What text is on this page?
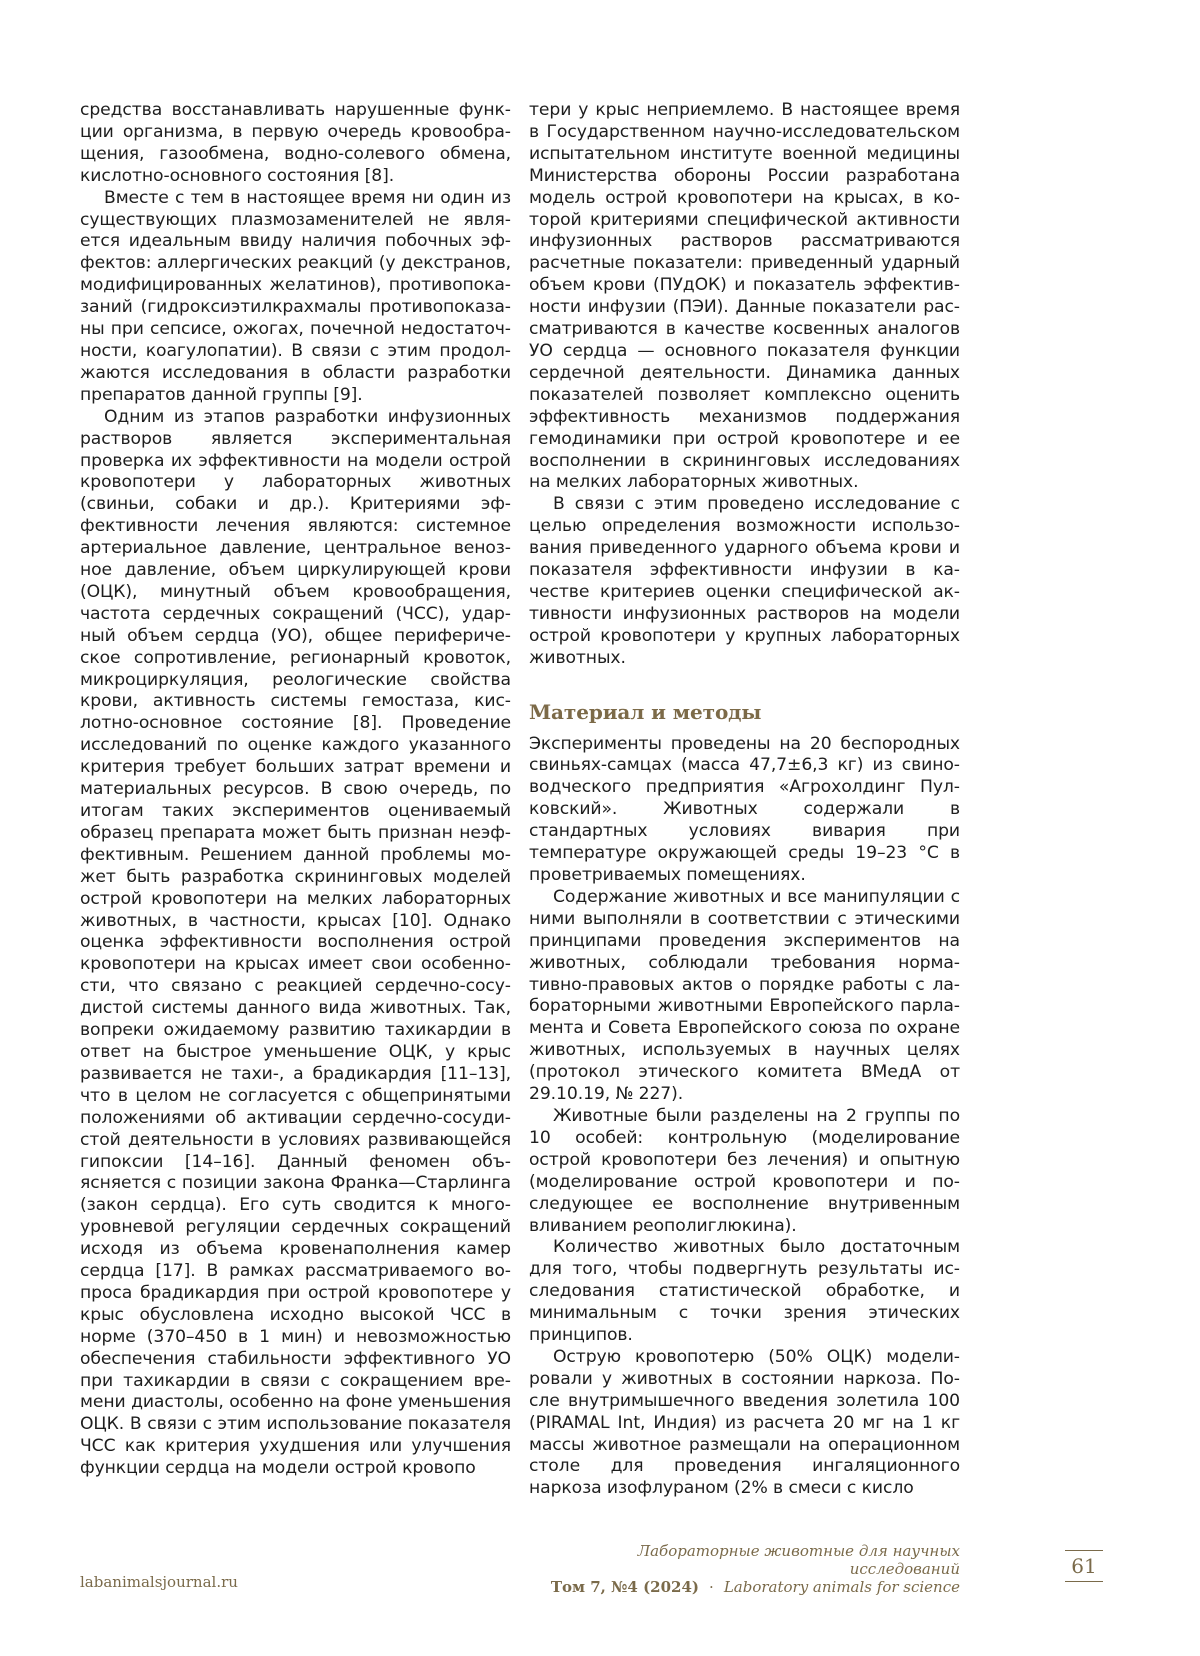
средства восстанавливать нарушенные функции организма, в первую очередь кровообращения, газообмена, водно-солевого обмена, кислотно-основного состояния [8].

Вместе с тем в настоящее время ни один из существующих плазмозаменителей не является идеальным ввиду наличия побочных эффектов: аллергических реакций (у декстранов, модифицированных желатинов), противопоказаний (гидроксиэтилкрахмалы противопоказаны при сепсисе, ожогах, почечной недостаточности, коагулопатии). В связи с этим продолжаются исследования в области разработки препаратов данной группы [9].

Одним из этапов разработки инфузионных растворов является экспериментальная проверка их эффективности на модели острой кровопотери у лабораторных животных (свиньи, собаки и др.). Критериями эффективности лечения являются: системное артериальное давление, центральное венозное давление, объем циркулирующей крови (ОЦК), минутный объем кровообращения, частота сердечных сокращений (ЧСС), ударный объем сердца (УО), общее периферическое сопротивление, регионарный кровоток, микроциркуляция, реологические свойства крови, активность системы гемостаза, кислотно-основное состояние [8]. Проведение исследований по оценке каждого указанного критерия требует больших затрат времени и материальных ресурсов. В свою очередь, по итогам таких экспериментов оцениваемый образец препарата может быть признан неэффективным. Решением данной проблемы может быть разработка скрининговых моделей острой кровопотери на мелких лабораторных животных, в частности, крысах [10]. Однако оценка эффективности восполнения острой кровопотери на крысах имеет свои особенности, что связано с реакцией сердечно-сосудистой системы данного вида животных. Так, вопреки ожидаемому развитию тахикардии в ответ на быстрое уменьшение ОЦК, у крыс развивается не тахи-, а брадикардия [11–13], что в целом не согласуется с общепринятыми положениями об активации сердечно-сосудистой деятельности в условиях развивающейся гипоксии [14–16]. Данный феномен объясняется с позиции закона Франка—Старлинга (закон сердца). Его суть сводится к многоуровневой регуляции сердечных сокращений исходя из объема кровенаполнения камер сердца [17]. В рамках рассматриваемого вопроса брадикардия при острой кровопотере у крыс обусловлена исходно высокой ЧСС в норме (370–450 в 1 мин) и невозможностью обеспечения стабильности эффективного УО при тахикардии в связи с сокращением времени диастолы, особенно на фоне уменьшения ОЦК. В связи с этим использование показателя ЧСС как критерия ухудшения или улучшения функции сердца на модели острой кровопо

тери у крыс неприемлемо. В настоящее время в Государственном научно-исследовательском испытательном институте военной медицины Министерства обороны России разработана модель острой кровопотери на крысах, в которой критериями специфической активности инфузионных растворов рассматриваются расчетные показатели: приведенный ударный объем крови (ПУдОК) и показатель эффективности инфузии (ПЭИ). Данные показатели рассматриваются в качестве косвенных аналогов УО сердца — основного показателя функции сердечной деятельности. Динамика данных показателей позволяет комплексно оценить эффективность механизмов поддержания гемодинамики при острой кровопотере и ее восполнении в скрининговых исследованиях на мелких лабораторных животных.

В связи с этим проведено исследование с целью определения возможности использования приведенного ударного объема крови и показателя эффективности инфузии в качестве критериев оценки специфической активности инфузионных растворов на модели острой кровопотери у крупных лабораторных животных.

Материал и методы

Эксперименты проведены на 20 беспородных свиньях-самцах (масса 47,7±6,3 кг) из свиноводческого предприятия «Агрохолдинг Пулковский». Животных содержали в стандартных условиях вивария при температуре окружающей среды 19–23 °С в проветриваемых помещениях.

Содержание животных и все манипуляции с ними выполняли в соответствии с этическими принципами проведения экспериментов на животных, соблюдали требования нормативно-правовых актов о порядке работы с лабораторными животными Европейского парламента и Совета Европейского союза по охране животных, используемых в научных целях (протокол этического комитета ВМедА от 29.10.19, № 227).

Животные были разделены на 2 группы по 10 особей: контрольную (моделирование острой кровопотери без лечения) и опытную (моделирование острой кровопотери и последующее ее восполнение внутривенным вливанием реополиглюкина).

Количество животных было достаточным для того, чтобы подвергнуть результаты исследования статистической обработке, и минимальным с точки зрения этических принципов.

Острую кровопотерю (50% ОЦК) моделировали у животных в состоянии наркоза. После внутримышечного введения золетила 100 (PIRAMAL Int, Индия) из расчета 20 мг на 1 кг массы животное размещали на операционном столе для проведения ингаляционного наркоза изофлураном (2% в смеси с кисло

labanimalsjournal.ru
Лабораторные животные для научных исследований
Том 7, №4 (2024) · Laboratory animals for science
61
